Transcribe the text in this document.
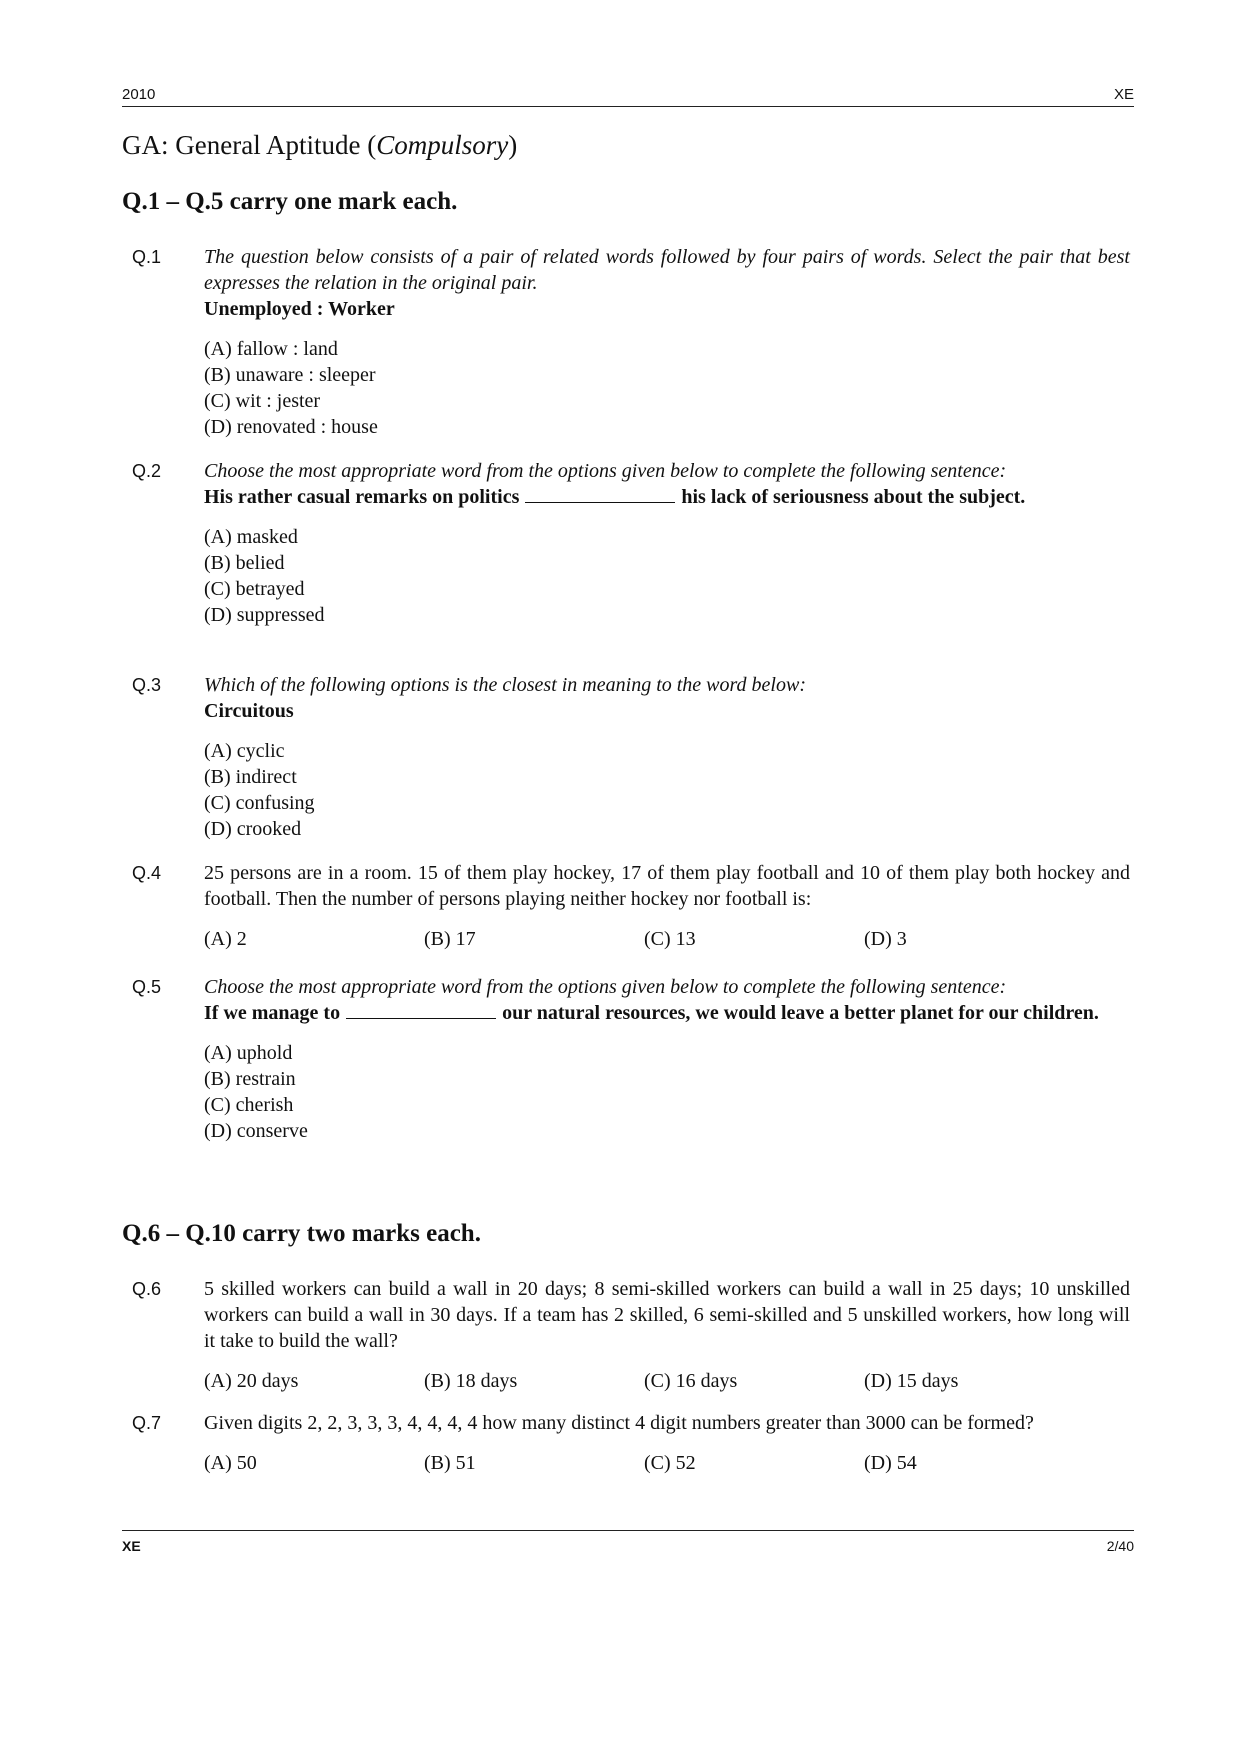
2010	XE
GA: General Aptitude (Compulsory)
Q.1 – Q.5 carry one mark each.
Q.1 The question below consists of a pair of related words followed by four pairs of words. Select the pair that best expresses the relation in the original pair.
Unemployed : Worker
(A) fallow : land
(B) unaware : sleeper
(C) wit : jester
(D) renovated : house
Q.2 Choose the most appropriate word from the options given below to complete the following sentence:
His rather casual remarks on politics	his lack of seriousness about the subject.
(A) masked
(B) belied
(C) betrayed
(D) suppressed
Q.3 Which of the following options is the closest in meaning to the word below:
Circuitous
(A) cyclic
(B) indirect
(C) confusing
(D) crooked
Q.4 25 persons are in a room. 15 of them play hockey, 17 of them play football and 10 of them play both hockey and football. Then the number of persons playing neither hockey nor football is:
(A) 2	(B) 17	(C) 13	(D) 3
Q.5 Choose the most appropriate word from the options given below to complete the following sentence:
If we manage to	our natural resources, we would leave a better planet for our children.
(A) uphold
(B) restrain
(C) cherish
(D) conserve
Q.6 – Q.10 carry two marks each.
Q.6 5 skilled workers can build a wall in 20 days; 8 semi-skilled workers can build a wall in 25 days; 10 unskilled workers can build a wall in 30 days. If a team has 2 skilled, 6 semi-skilled and 5 unskilled workers, how long will it take to build the wall?
(A) 20 days	(B) 18 days	(C) 16 days	(D) 15 days
Q.7 Given digits 2, 2, 3, 3, 3, 4, 4, 4, 4 how many distinct 4 digit numbers greater than 3000 can be formed?
(A) 50	(B) 51	(C) 52	(D) 54
XE	2/40
